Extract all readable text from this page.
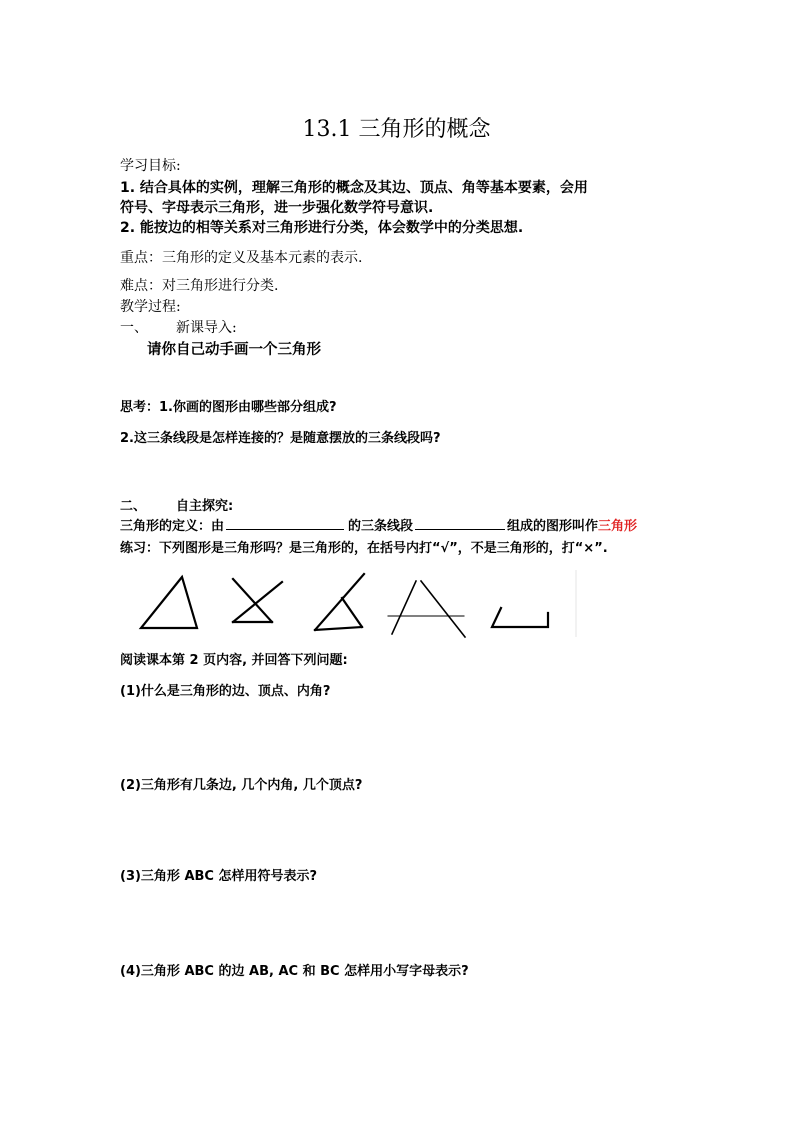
13.1 三角形的概念
学习目标:
1. 结合具体的实例，理解三角形的概念及其边、顶点、角等基本要素，会用
符号、字母表示三角形，进一步强化数学符号意识.
2. 能按边的相等关系对三角形进行分类，体会数学中的分类思想.
重点：三角形的定义及基本元素的表示.
难点：对三角形进行分类.
教学过程:
一、 新课导入:
请你自己动手画一个三角形
思考：1.你画的图形由哪些部分组成?
2.这三条线段是怎样连接的？是随意摆放的三条线段吗?
二、 自主探究:
三角形的定义：由	的三条线段	组成的图形叫作三角形
练习：下列图形是三角形吗？是三角形的，在括号内打“√”，不是三角形的，打“×”.
阅读课本第 2 页内容, 并回答下列问题:
(1)什么是三角形的边、顶点、内角?
(2)三角形有几条边, 几个内角, 几个顶点?
(3)三角形 ABC 怎样用符号表示?
(4)三角形 ABC 的边 AB, AC 和 BC 怎样用小写字母表示?
